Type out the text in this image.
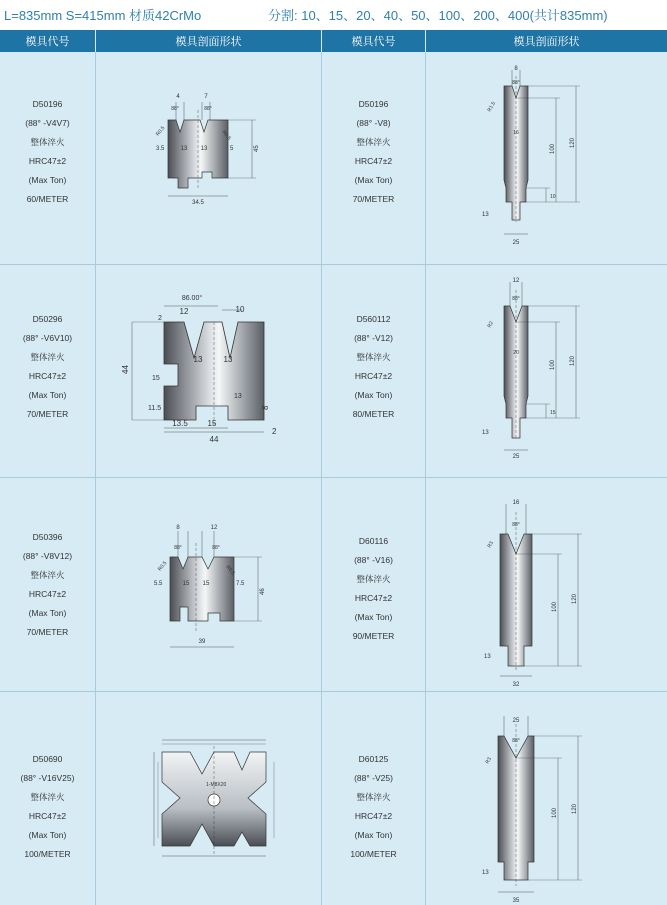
L=835mm S=415mm 材质42CrMo	分割: 10、15、20、40、50、100、200、400(共计835mm)
模具代号	模具剖面形状	模具代号	模具剖面形状
D50196
(88° -V4V7)
整体淬火
HRC47±2
(Max Ton)
60/METER
4	7
88°	88°
R0.5	R0.5
3.5	13 13	5	45
34.5
D50196
(88° -V8)
整体淬火
HRC47±2
(Max Ton)
70/METER
8
88°
R1.5
16
100
120
10
13
25
D50296
(88° -V6V10)
整体淬火
HRC47±2
(Max Ton)
70/METER
86.00°
12	10
2
13	13
44
15
11.5
13
8
2
13.5 15
44
D560112
(88° -V12)
整体淬火
HRC47±2
(Max Ton)
80/METER
12
88°
R2
20
100 120
15
13
25
D50396
(88° -V8V12)
整体淬火
HRC47±2
(Max Ton)
70/METER
8	12
88°	88°
R0.5	R0.5
5.5	15 15	7.5
46
39
D60116
(88° -V16)
整体淬火
HRC47±2
(Max Ton)
90/METER
16
88°
R3
100
120
13
32
D50690
(88° -V16V25)
整体淬火
HRC47±2
(Max Ton)
100/METER
1-M8X20
D60125
(88° -V25)
整体淬火
HRC47±2
(Max Ton)
100/METER
25
88°
R3
100 120
13
35
